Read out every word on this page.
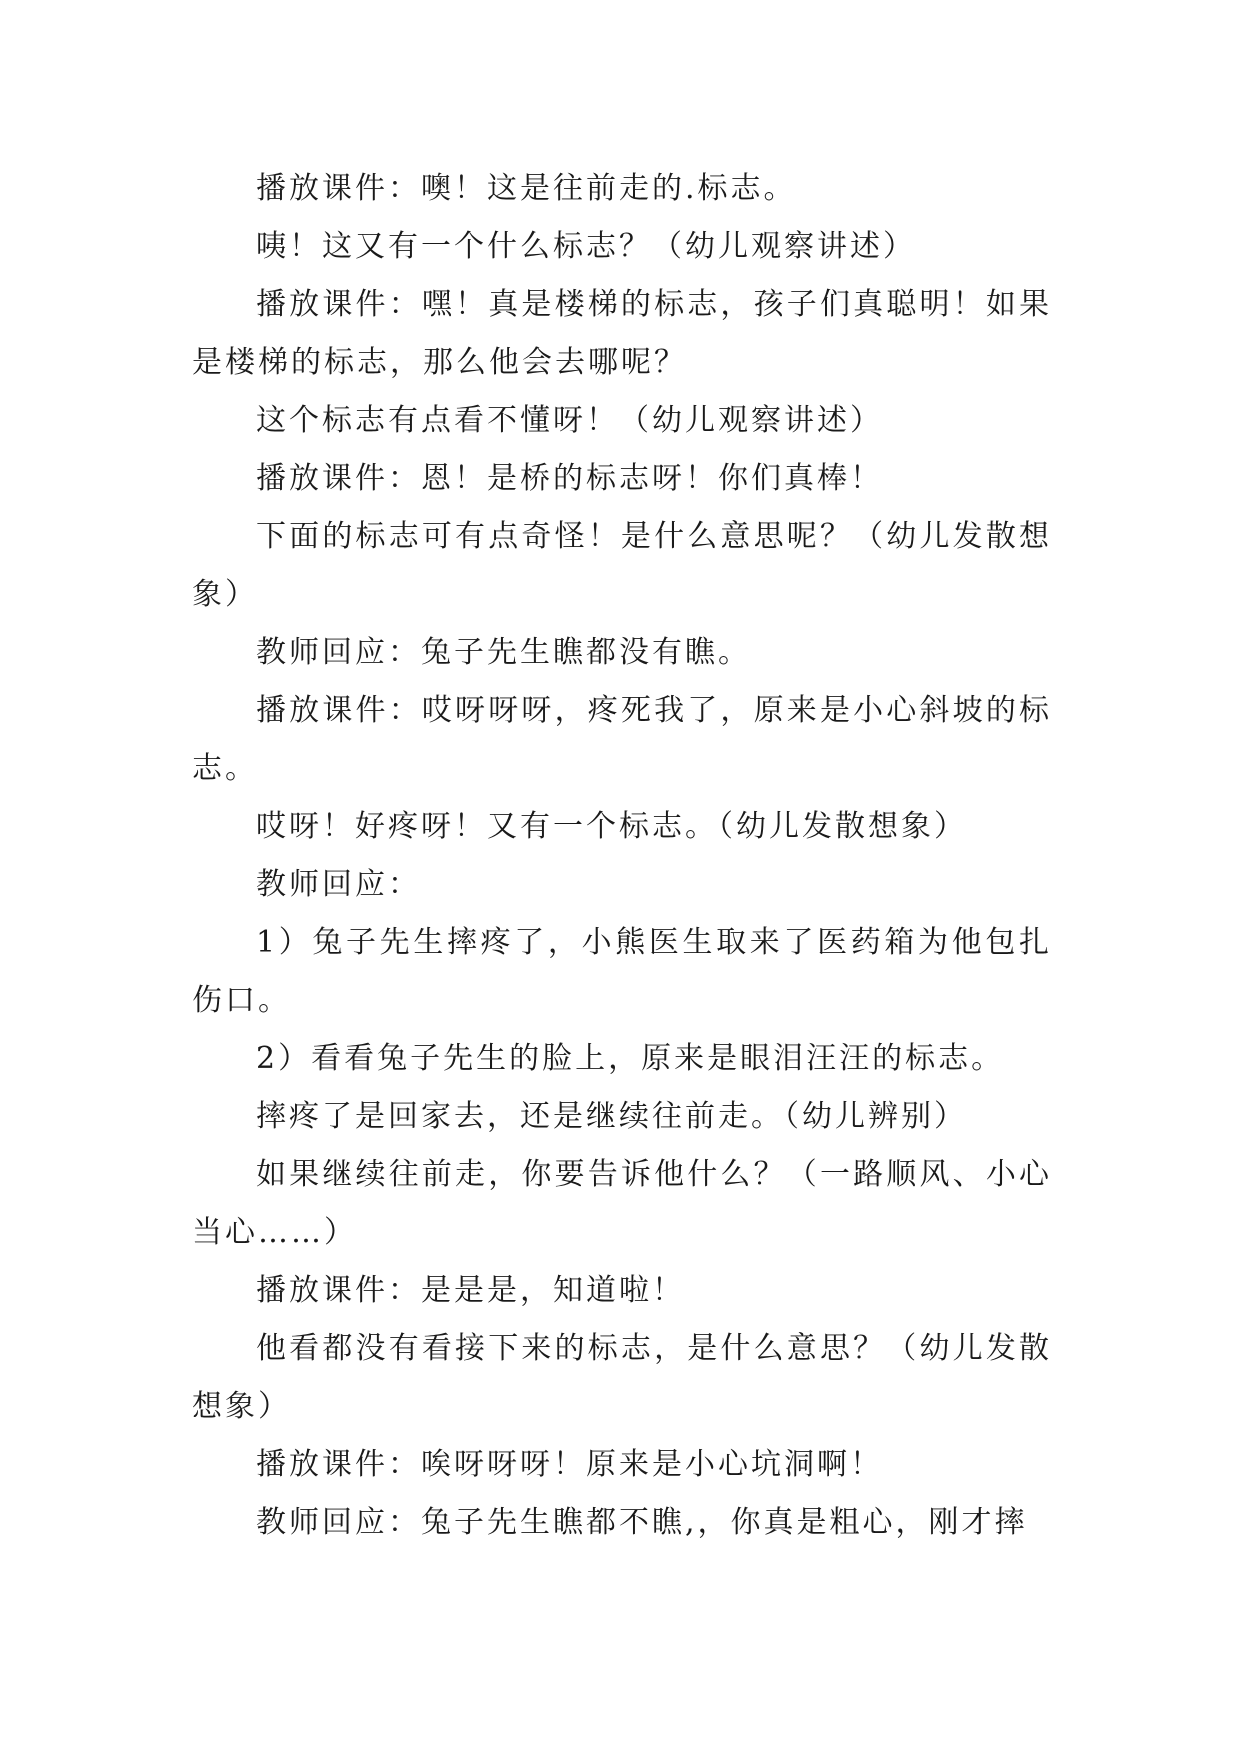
播放课件：噢！这是往前走的.标志。

咦！这又有一个什么标志？（幼儿观察讲述）

播放课件：嘿！真是楼梯的标志，孩子们真聪明！如果是楼梯的标志，那么他会去哪呢？

这个标志有点看不懂呀！（幼儿观察讲述）

播放课件：恩！是桥的标志呀！你们真棒！

下面的标志可有点奇怪！是什么意思呢？（幼儿发散想象）

教师回应：兔子先生瞧都没有瞧。

播放课件：哎呀呀呀，疼死我了，原来是小心斜坡的标志。

哎呀！好疼呀！又有一个标志。（幼儿发散想象）

教师回应：

1）兔子先生摔疼了，小熊医生取来了医药箱为他包扎伤口。

2）看看兔子先生的脸上，原来是眼泪汪汪的标志。

摔疼了是回家去，还是继续往前走。（幼儿辨别）

如果继续往前走，你要告诉他什么？（一路顺风、小心当心……）

播放课件：是是是，知道啦！

他看都没有看接下来的标志，是什么意思？（幼儿发散想象）

播放课件：唉呀呀呀！原来是小心坑洞啊！

教师回应：兔子先生瞧都不瞧,，你真是粗心，刚才摔
